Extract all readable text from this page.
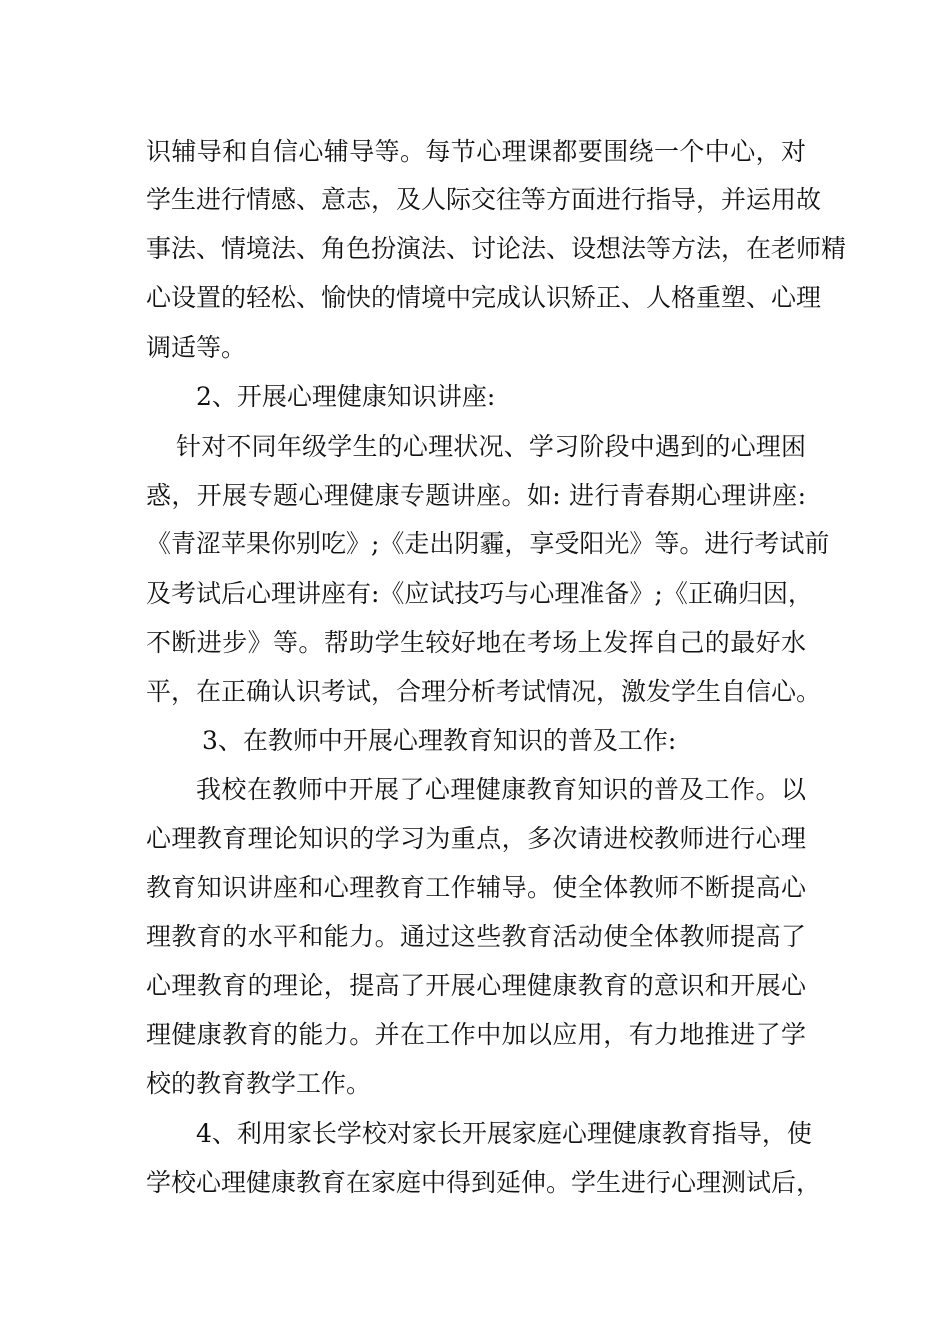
识辅导和自信心辅导等。每节心理课都要围绕一个中心，对
学生进行情感、意志，及人际交往等方面进行指导，并运用故
事法、情境法、角色扮演法、讨论法、设想法等方法，在老师精
心设置的轻松、愉快的情境中完成认识矫正、人格重塑、心理
调适等。
2、开展心理健康知识讲座:
针对不同年级学生的心理状况、学习阶段中遇到的心理困
惑，开展专题心理健康专题讲座。如: 进行青春期心理讲座:
《青涩苹果你别吃》;《走出阴霾，享受阳光》等。进行考试前
及考试后心理讲座有:《应试技巧与心理准备》;《正确归因，
不断进步》等。帮助学生较好地在考场上发挥自己的最好水
平，在正确认识考试，合理分析考试情况，激发学生自信心。
3、在教师中开展心理教育知识的普及工作:
我校在教师中开展了心理健康教育知识的普及工作。以
心理教育理论知识的学习为重点，多次请进校教师进行心理
教育知识讲座和心理教育工作辅导。使全体教师不断提高心
理教育的水平和能力。通过这些教育活动使全体教师提高了
心理教育的理论，提高了开展心理健康教育的意识和开展心
理健康教育的能力。并在工作中加以应用，有力地推进了学
校的教育教学工作。
4、利用家长学校对家长开展家庭心理健康教育指导，使
学校心理健康教育在家庭中得到延伸。学生进行心理测试后，
